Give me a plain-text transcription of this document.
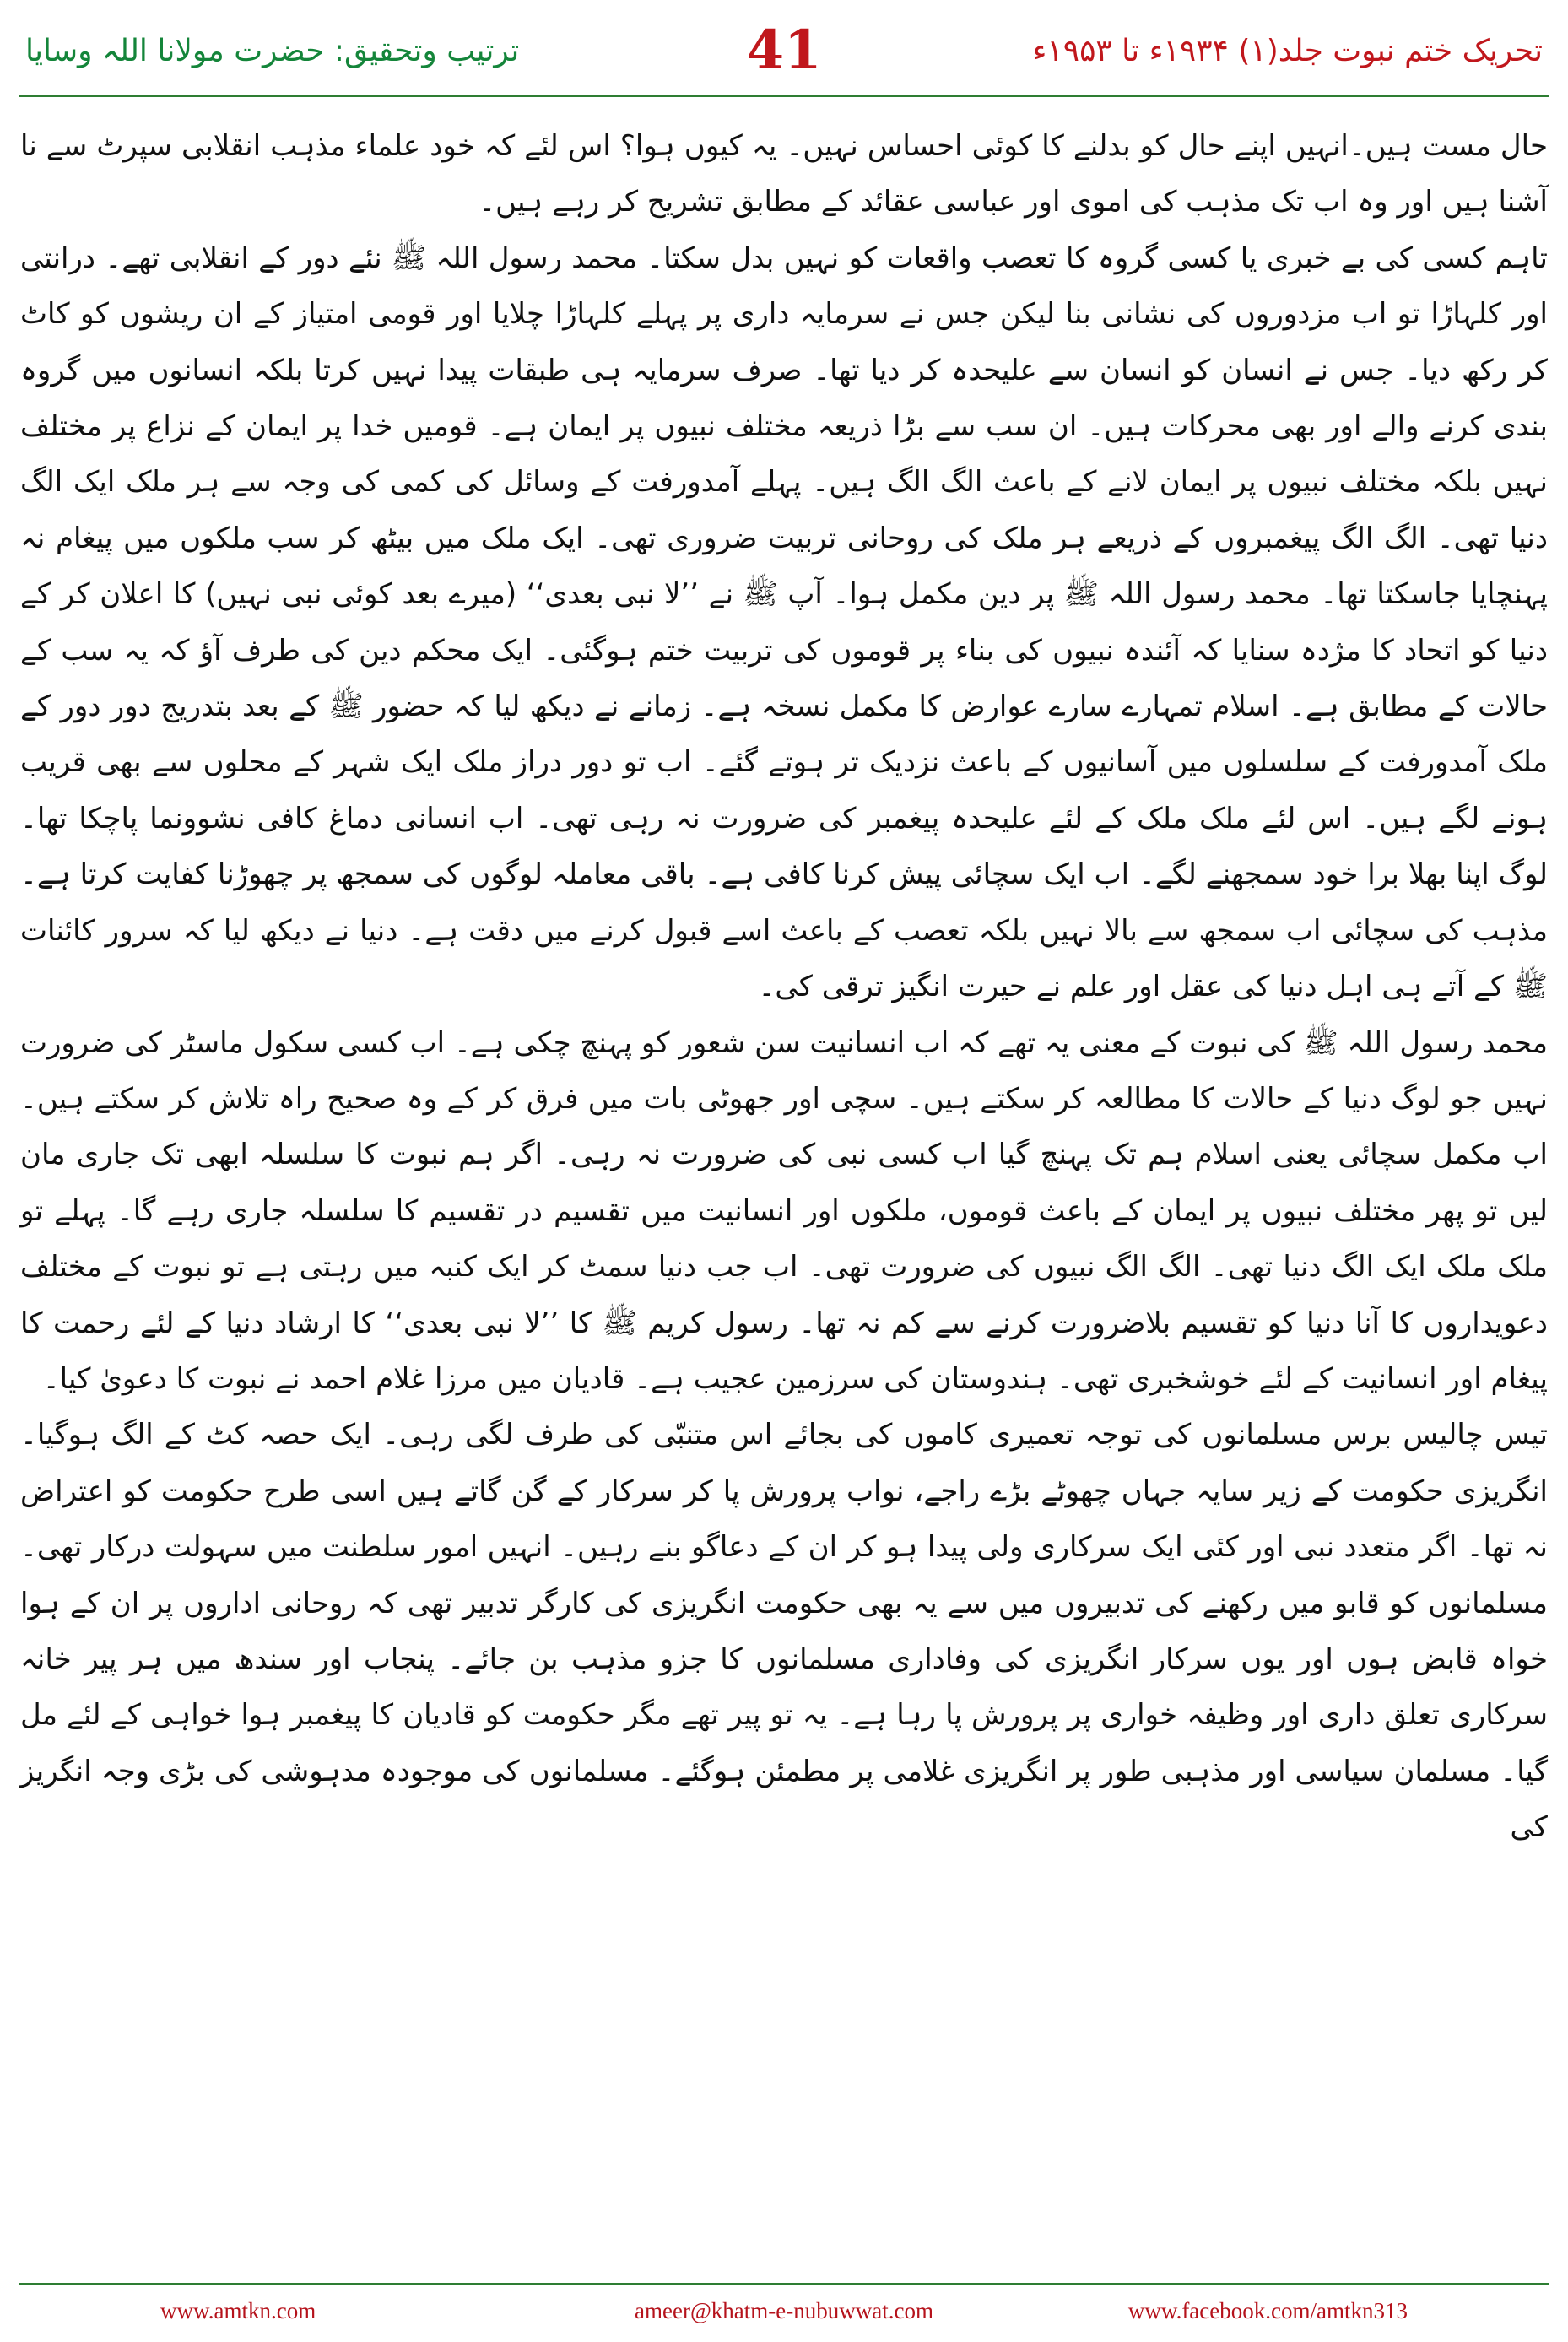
ترتیب وتحقیق: حضرت مولانا اللہ وسایا	41	تحریک ختم نبوت جلد(۱) ۱۹۳۴ء تا ۱۹۵۳ء

حال مست ہیں۔انہیں اپنے حال کو بدلنے کا کوئی احساس نہیں۔ یہ کیوں ہوا؟ اس لئے کہ خود علماء مذہب انقلابی سپرٹ سے نا آشنا ہیں اور وہ اب تک مذہب کی اموی اور عباسی عقائد کے مطابق تشریح کر رہے ہیں۔

تاہم کسی کی بے خبری یا کسی گروہ کا تعصب واقعات کو نہیں بدل سکتا۔ محمد رسول اللہ ﷺ نئے دور کے انقلابی تھے۔ درانتی اور کلہاڑا تو اب مزدوروں کی نشانی بنا لیکن جس نے سرمایہ داری پر پہلے کلہاڑا چلایا اور قومی امتیاز کے ان ریشوں کو کاٹ کر رکھ دیا۔ جس نے انسان کو انسان سے علیحدہ کر دیا تھا۔ صرف سرمایہ ہی طبقات پیدا نہیں کرتا بلکہ انسانوں میں گروہ بندی کرنے والے اور بھی محرکات ہیں۔ ان سب سے بڑا ذریعہ مختلف نبیوں پر ایمان ہے۔ قومیں خدا پر ایمان کے نزاع پر مختلف نہیں بلکہ مختلف نبیوں پر ایمان لانے کے باعث الگ الگ ہیں۔ پہلے آمدورفت کے وسائل کی کمی کی وجہ سے ہر ملک ایک الگ دنیا تھی۔ الگ الگ پیغمبروں کے ذریعے ہر ملک کی روحانی تربیت ضروری تھی۔ ایک ملک میں بیٹھ کر سب ملکوں میں پیغام نہ پہنچایا جاسکتا تھا۔ محمد رسول اللہ ﷺ پر دین مکمل ہوا۔ آپ ﷺ نے ’’لا نبی بعدی‘‘ (میرے بعد کوئی نبی نہیں) کا اعلان کر کے دنیا کو اتحاد کا مژدہ سنایا کہ آئندہ نبیوں کی بناء پر قوموں کی تربیت ختم ہوگئی۔ ایک محکم دین کی طرف آؤ کہ یہ سب کے حالات کے مطابق ہے۔ اسلام تمہارے سارے عوارض کا مکمل نسخہ ہے۔ زمانے نے دیکھ لیا کہ حضور ﷺ کے بعد بتدریج دور دور کے ملک آمدورفت کے سلسلوں میں آسانیوں کے باعث نزدیک تر ہوتے گئے۔ اب تو دور دراز ملک ایک شہر کے محلوں سے بھی قریب ہونے لگے ہیں۔ اس لئے ملک ملک کے لئے علیحدہ پیغمبر کی ضرورت نہ رہی تھی۔ اب انسانی دماغ کافی نشوونما پاچکا تھا۔ لوگ اپنا بھلا برا خود سمجھنے لگے۔ اب ایک سچائی پیش کرنا کافی ہے۔ باقی معاملہ لوگوں کی سمجھ پر چھوڑنا کفایت کرتا ہے۔ مذہب کی سچائی اب سمجھ سے بالا نہیں بلکہ تعصب کے باعث اسے قبول کرنے میں دقت ہے۔ دنیا نے دیکھ لیا کہ سرور کائنات ﷺ کے آتے ہی اہل دنیا کی عقل اور علم نے حیرت انگیز ترقی کی۔

محمد رسول اللہ ﷺ کی نبوت کے معنی یہ تھے کہ اب انسانیت سن شعور کو پہنچ چکی ہے۔ اب کسی سکول ماسٹر کی ضرورت نہیں جو لوگ دنیا کے حالات کا مطالعہ کر سکتے ہیں۔ سچی اور جھوٹی بات میں فرق کر کے وہ صحیح راہ تلاش کر سکتے ہیں۔ اب مکمل سچائی یعنی اسلام ہم تک پہنچ گیا اب کسی نبی کی ضرورت نہ رہی۔ اگر ہم نبوت کا سلسلہ ابھی تک جاری مان لیں تو پھر مختلف نبیوں پر ایمان کے باعث قوموں، ملکوں اور انسانیت میں تقسیم در تقسیم کا سلسلہ جاری رہے گا۔ پہلے تو ملک ملک ایک الگ دنیا تھی۔ الگ الگ نبیوں کی ضرورت تھی۔ اب جب دنیا سمٹ کر ایک کنبہ میں رہتی ہے تو نبوت کے مختلف دعویداروں کا آنا دنیا کو تقسیم بلاضرورت کرنے سے کم نہ تھا۔ رسول کریم ﷺ کا ’’لا نبی بعدی‘‘ کا ارشاد دنیا کے لئے رحمت کا پیغام اور انسانیت کے لئے خوشخبری تھی۔ ہندوستان کی سرزمین عجیب ہے۔ قادیان میں مرزا غلام احمد نے نبوت کا دعویٰ کیا۔

تیس چالیس برس مسلمانوں کی توجہ تعمیری کاموں کی بجائے اس متنبّی کی طرف لگی رہی۔ ایک حصہ کٹ کے الگ ہوگیا۔ انگریزی حکومت کے زیر سایہ جہاں چھوٹے بڑے راجے، نواب پرورش پا کر سرکار کے گن گاتے ہیں اسی طرح حکومت کو اعتراض نہ تھا۔ اگر متعدد نبی اور کئی ایک سرکاری ولی پیدا ہو کر ان کے دعاگو بنے رہیں۔ انہیں امور سلطنت میں سہولت درکار تھی۔ مسلمانوں کو قابو میں رکھنے کی تدبیروں میں سے یہ بھی حکومت انگریزی کی کارگر تدبیر تھی کہ روحانی اداروں پر ان کے ہوا خواہ قابض ہوں اور یوں سرکار انگریزی کی وفاداری مسلمانوں کا جزو مذہب بن جائے۔ پنجاب اور سندھ میں ہر پیر خانہ سرکاری تعلق داری اور وظیفہ خواری پر پرورش پا رہا ہے۔ یہ تو پیر تھے مگر حکومت کو قادیان کا پیغمبر ہوا خواہی کے لئے مل گیا۔ مسلمان سیاسی اور مذہبی طور پر انگریزی غلامی پر مطمئن ہوگئے۔ مسلمانوں کی موجودہ مدہوشی کی بڑی وجہ انگریز کی

www.amtkn.com	ameer@khatm-e-nubuwwat.com	www.facebook.com/amtkn313
